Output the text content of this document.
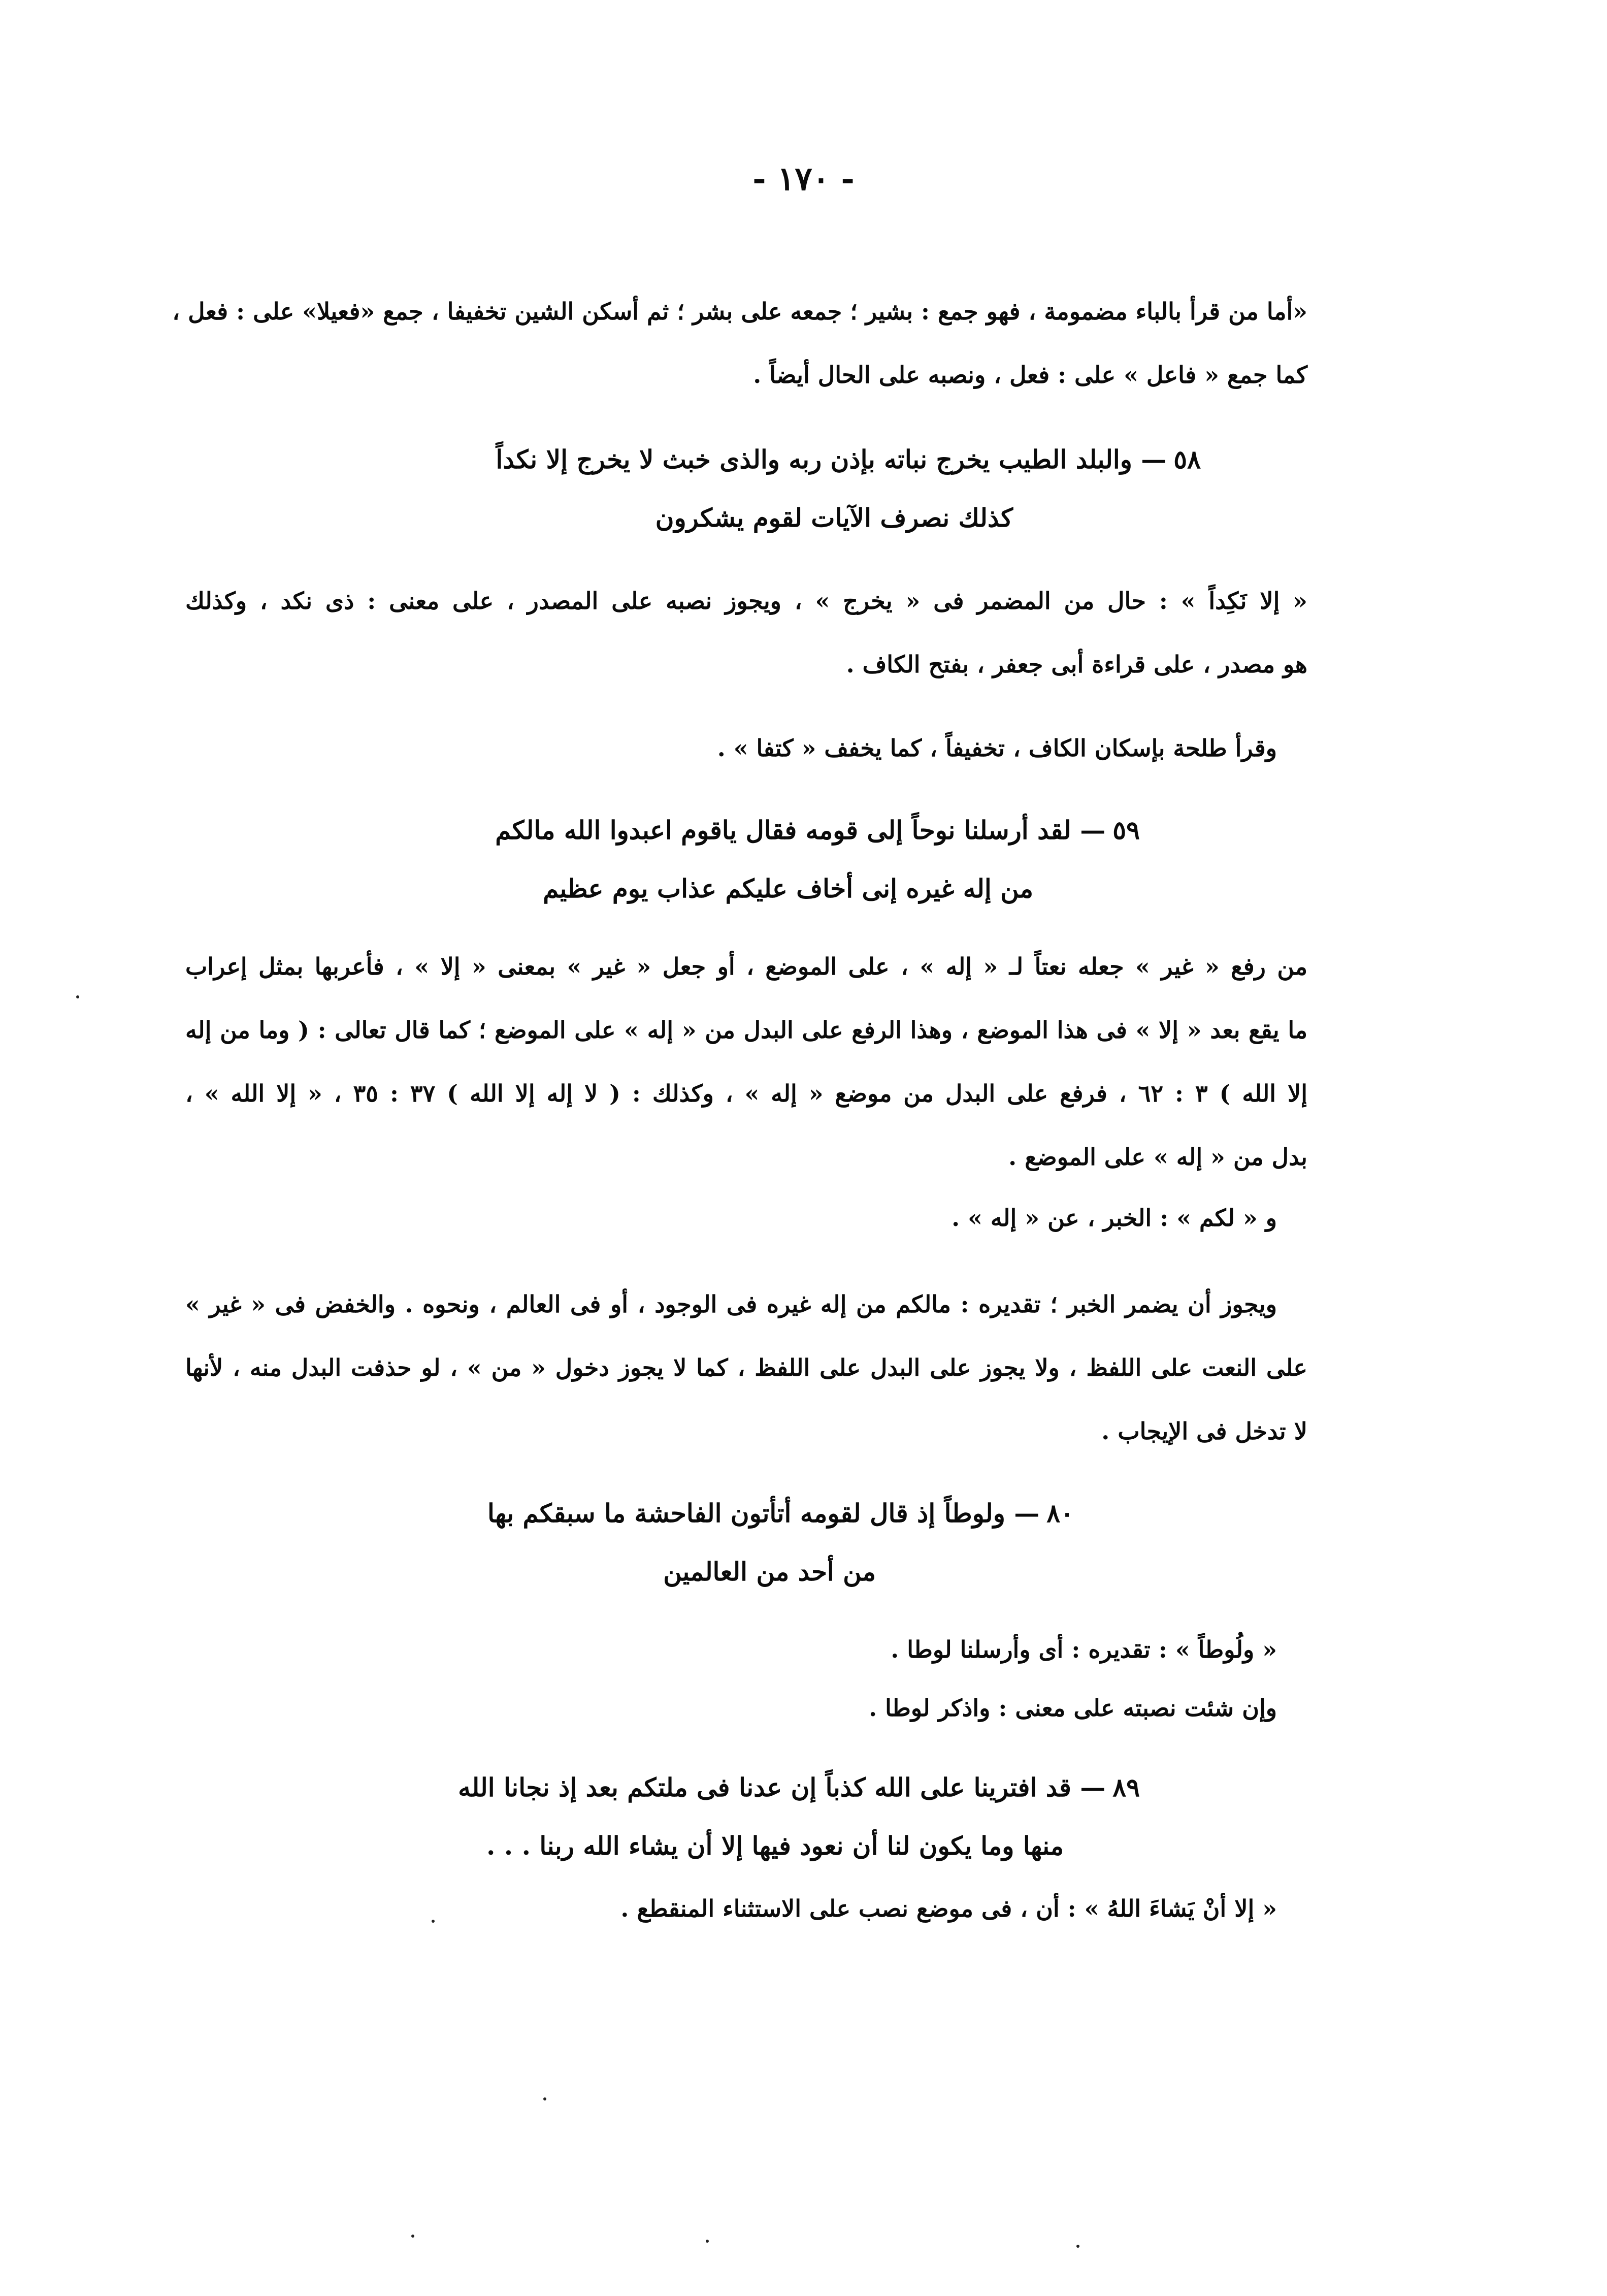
- ١٧٠ -
«أما من قرأ بالباء مضمومة ، فهو جمع : بشير ؛ جمعه على بشر ؛ ثم أسكن الشين تخفيفا ، جمع «فعيلا» على : فعل ،
كما جمع « فاعل » على : فعل ، ونصبه على الحال أيضاً .
٥٨— والبلد الطيب يخرج نباته بإذن ربه والذى خبث لا يخرج إلا نكداً
كذلك نصرف الآيات لقوم يشكرون
« إلا نَكِداً » : حال من المضمر فى « يخرج » ، ويجوز نصبه على المصدر ، على معنى : ذى نكد ، وكذلك
هو مصدر ، على قراءة أبى جعفر ، بفتح الكاف .
وقرأ طلحة بإسكان الكاف ، تخفيفاً ، كما يخفف « كتفا » .
٥٩— لقد أرسلنا نوحاً إلى قومه فقال ياقوم اعبدوا الله مالكم
من إله غيره إنى أخاف عليكم عذاب يوم عظيم
من رفع « غير » جعله نعتاً لـ « إله » ، على الموضع ، أو جعل « غير » بمعنى « إلا » ، فأعربها بمثل إعراب
ما يقع بعد « إلا » فى هذا الموضع ، وهذا الرفع على البدل من « إله » على الموضع ؛ كما قال تعالى : ( وما من إله
إلا الله ) ٣ : ٦٢ ، فرفع على البدل من موضع « إله » ، وكذلك : ( لا إله إلا الله ) ٣٧ : ٣٥ ، « إلا الله » ،
بدل من « إله » على الموضع .
و « لكم » : الخبر ، عن « إله » .
ويجوز أن يضمر الخبر ؛ تقديره : مالكم من إله غيره فى الوجود ، أو فى العالم ، ونحوه . والخفض فى « غير »
على النعت على اللفظ ، ولا يجوز على البدل على اللفظ ، كما لا يجوز دخول « من » ، لو حذفت البدل منه ، لأنها
لا تدخل فى الإيجاب .
٨٠— ولوطاً إذ قال لقومه أتأتون الفاحشة ما سبقكم بها
من أحد من العالمين
« ولُوطاً » : تقديره : أى وأرسلنا لوطا .
وإن شئت نصبته على معنى : واذكر لوطا .
٨٩— قد افترينا على الله كذباً إن عدنا فى ملتكم بعد إذ نجانا الله
منها وما يكون لنا أن نعود فيها إلا أن يشاء الله ربنا . . .
« إلا أنْ يَشاءَ اللهُ » : أن ، فى موضع نصب على الاستثناء المنقطع .
